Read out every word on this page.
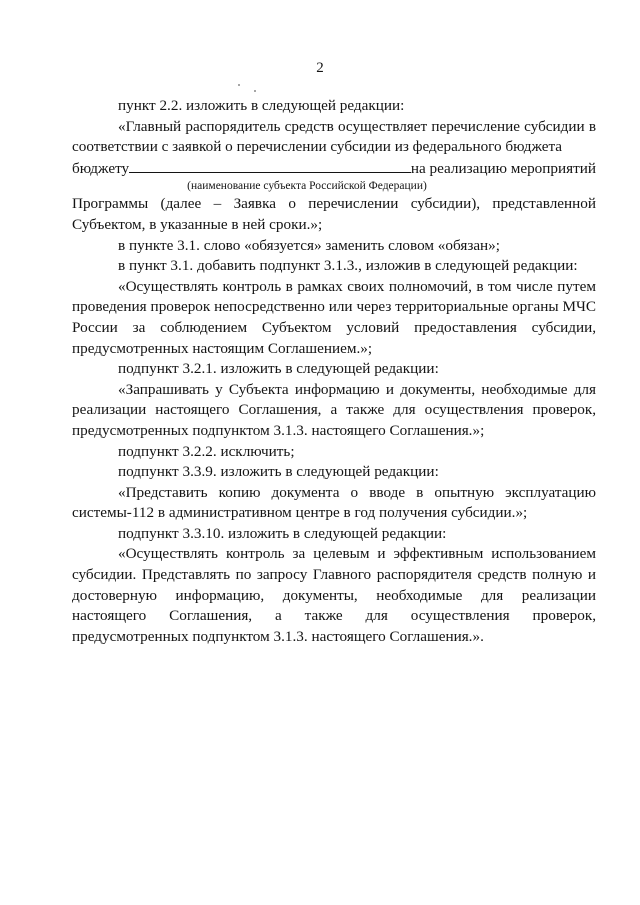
2

пункт 2.2. изложить в следующей редакции:

«Главный распорядитель средств осуществляет перечисление субсидии в соответствии с заявкой о перечислении субсидии из федерального бюджета

бюджету	на реализацию мероприятий
(наименование субъекта Российской Федерации)

Программы (далее – Заявка о перечислении субсидии), представленной Субъектом, в указанные в ней сроки.»;

в пункте 3.1. слово «обязуется» заменить словом «обязан»;

в пункт 3.1. добавить подпункт 3.1.3., изложив в следующей редакции:

«Осуществлять контроль в рамках своих полномочий, в том числе путем проведения проверок непосредственно или через территориальные органы МЧС России за соблюдением Субъектом условий предоставления субсидии, предусмотренных настоящим Соглашением.»;

подпункт 3.2.1. изложить в следующей редакции:

«Запрашивать у Субъекта информацию и документы, необходимые для реализации настоящего Соглашения, а также для осуществления проверок, предусмотренных подпунктом 3.1.3. настоящего Соглашения.»;

подпункт 3.2.2. исключить;

подпункт 3.3.9. изложить в следующей редакции:

«Представить копию документа о вводе в опытную эксплуатацию системы-112 в административном центре в год получения субсидии.»;

подпункт 3.3.10. изложить в следующей редакции:

«Осуществлять контроль за целевым и эффективным использованием субсидии. Представлять по запросу Главного распорядителя средств полную и достоверную информацию, документы, необходимые для реализации настоящего Соглашения, а также для осуществления проверок, предусмотренных подпунктом 3.1.3. настоящего Соглашения.».
